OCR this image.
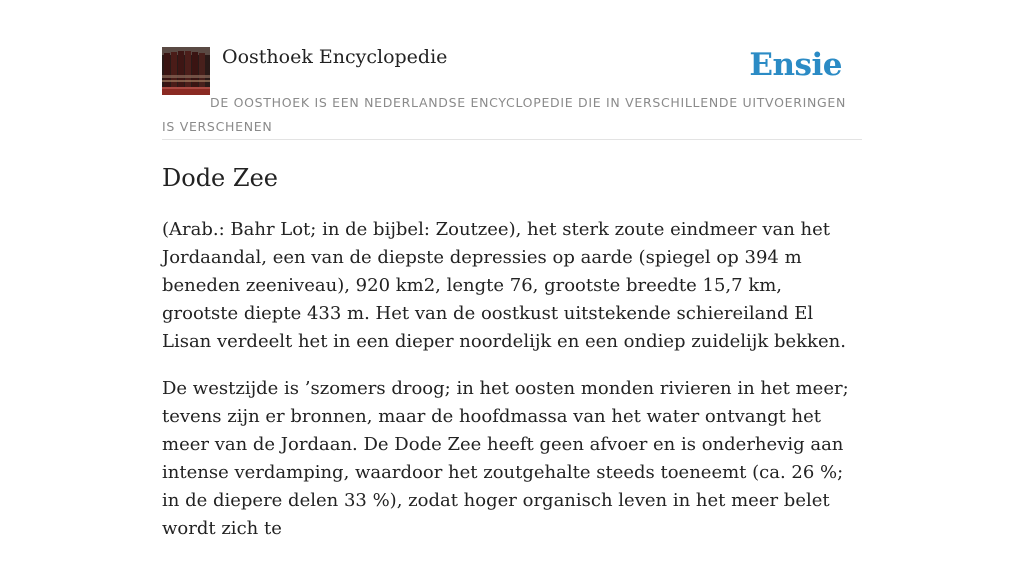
Oosthoek Encyclopedie	Ensie
DE OOSTHOEK IS EEN NEDERLANDSE ENCYCLOPEDIE DIE IN VERSCHILLENDE UITVOERINGEN IS VERSCHENEN
Dode Zee

(Arab.: Bahr Lot; in de bijbel: Zoutzee), het sterk zoute eindmeer van het Jordaandal, een van de diepste depressies op aarde (spiegel op 394 m beneden zeeniveau), 920 km2, lengte 76, grootste breedte 15,7 km, grootste diepte 433 m. Het van de oostkust uitstekende schiereiland El Lisan verdeelt het in een dieper noordelijk en een ondiep zuidelijk bekken.

De westzijde is ’szomers droog; in het oosten monden rivieren in het meer; tevens zijn er bronnen, maar de hoofdmassa van het water ontvangt het meer van de Jordaan. De Dode Zee heeft geen afvoer en is onderhevig aan intense verdamping, waardoor het zoutgehalte steeds toeneemt (ca. 26 %; in de diepere delen 33 %), zodat hoger organisch leven in het meer belet wordt zich te
